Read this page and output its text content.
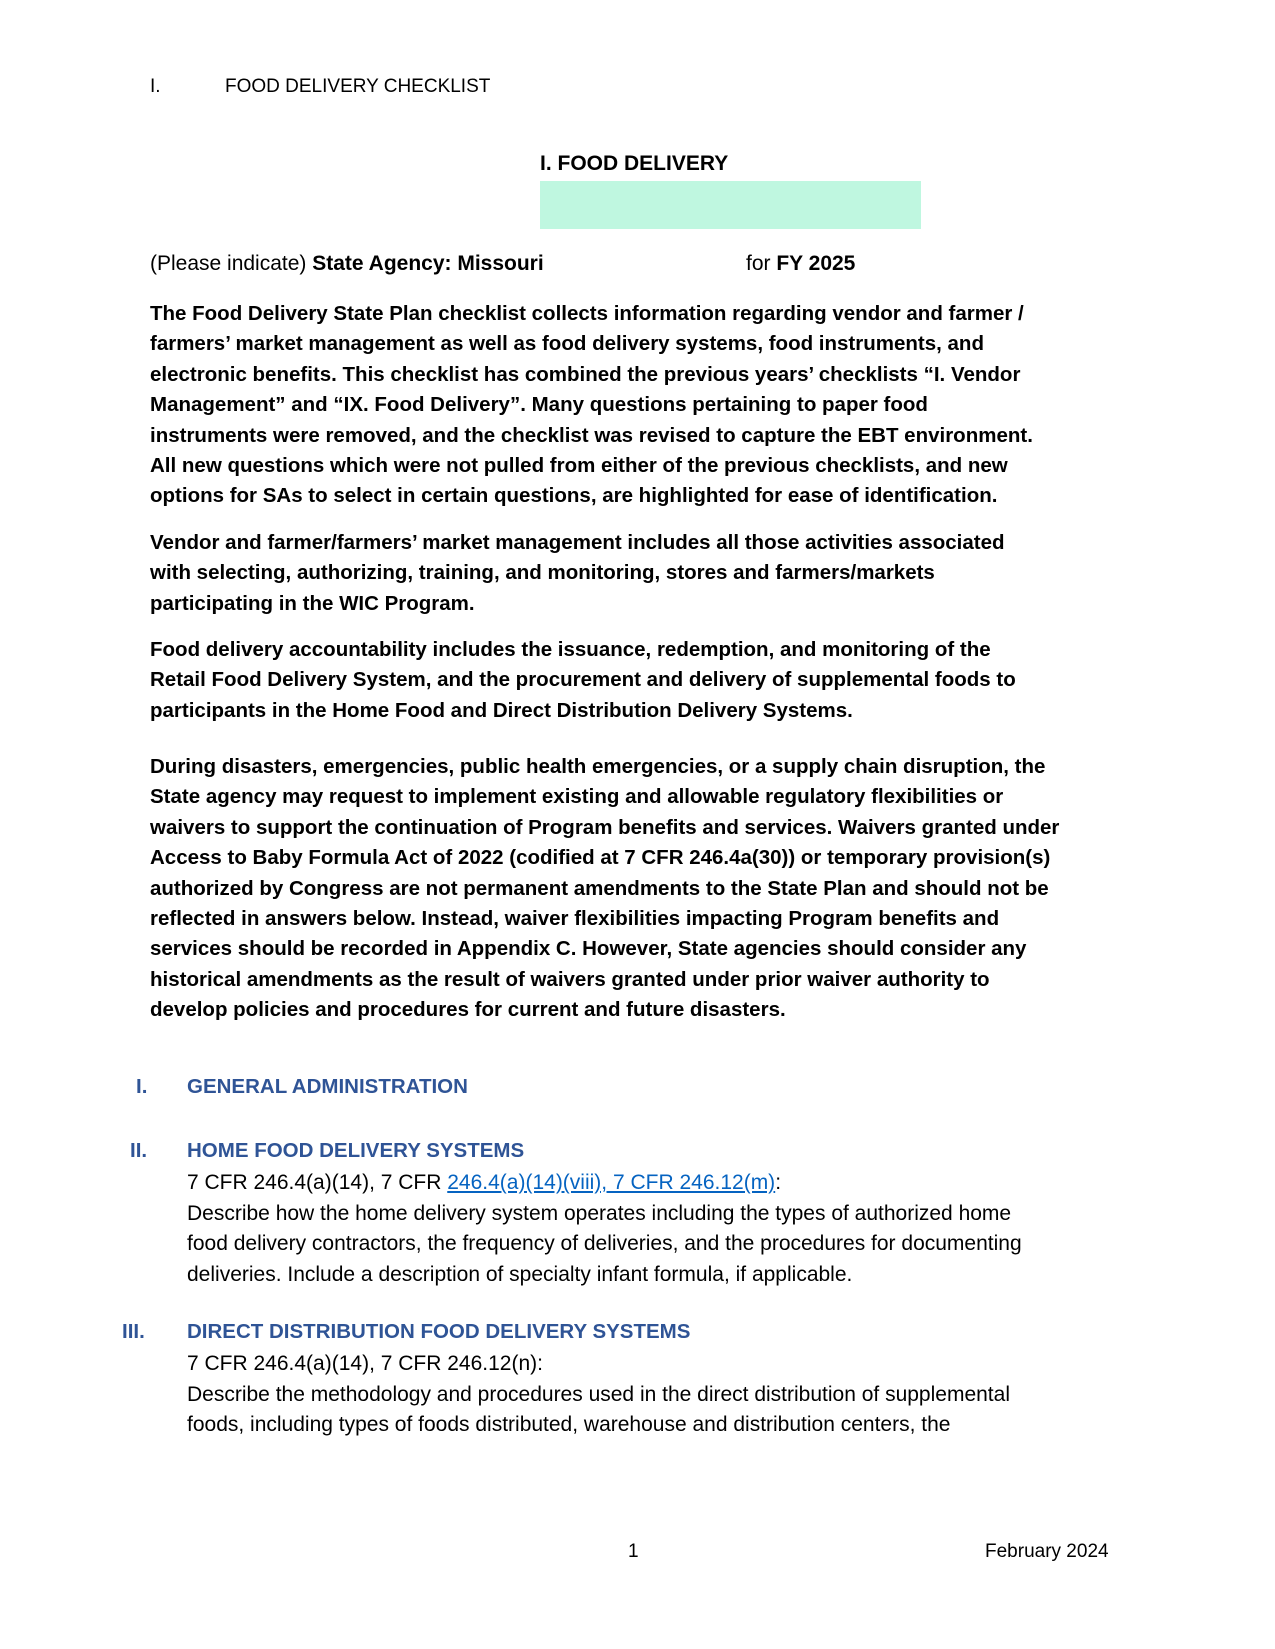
I.	FOOD DELIVERY CHECKLIST
I. FOOD DELIVERY
(Please indicate) State Agency: Missouri	for FY 2025
The Food Delivery State Plan checklist collects information regarding vendor and farmer /
farmers’ market management as well as food delivery systems, food instruments, and
electronic benefits. This checklist has combined the previous years’ checklists “I. Vendor
Management” and “IX. Food Delivery”. Many questions pertaining to paper food
instruments were removed, and the checklist was revised to capture the EBT environment.
All new questions which were not pulled from either of the previous checklists, and new
options for SAs to select in certain questions, are highlighted for ease of identification.
Vendor and farmer/farmers’ market management includes all those activities associated
with selecting, authorizing, training, and monitoring, stores and farmers/markets
participating in the WIC Program.
Food delivery accountability includes the issuance, redemption, and monitoring of the
Retail Food Delivery System, and the procurement and delivery of supplemental foods to
participants in the Home Food and Direct Distribution Delivery Systems.
During disasters, emergencies, public health emergencies, or a supply chain disruption, the
State agency may request to implement existing and allowable regulatory flexibilities or
waivers to support the continuation of Program benefits and services. Waivers granted under
Access to Baby Formula Act of 2022 (codified at 7 CFR 246.4a(30)) or temporary provision(s)
authorized by Congress are not permanent amendments to the State Plan and should not be
reflected in answers below. Instead, waiver flexibilities impacting Program benefits and
services should be recorded in Appendix C. However, State agencies should consider any
historical amendments as the result of waivers granted under prior waiver authority to
develop policies and procedures for current and future disasters.
I. GENERAL ADMINISTRATION
II. HOME FOOD DELIVERY SYSTEMS
7 CFR 246.4(a)(14), 7 CFR 246.4(a)(14)(viii), 7 CFR 246.12(m):
Describe how the home delivery system operates including the types of authorized home
food delivery contractors, the frequency of deliveries, and the procedures for documenting
deliveries. Include a description of specialty infant formula, if applicable.
III. DIRECT DISTRIBUTION FOOD DELIVERY SYSTEMS
7 CFR 246.4(a)(14), 7 CFR 246.12(n):
Describe the methodology and procedures used in the direct distribution of supplemental
foods, including types of foods distributed, warehouse and distribution centers, the
1	February 2024
